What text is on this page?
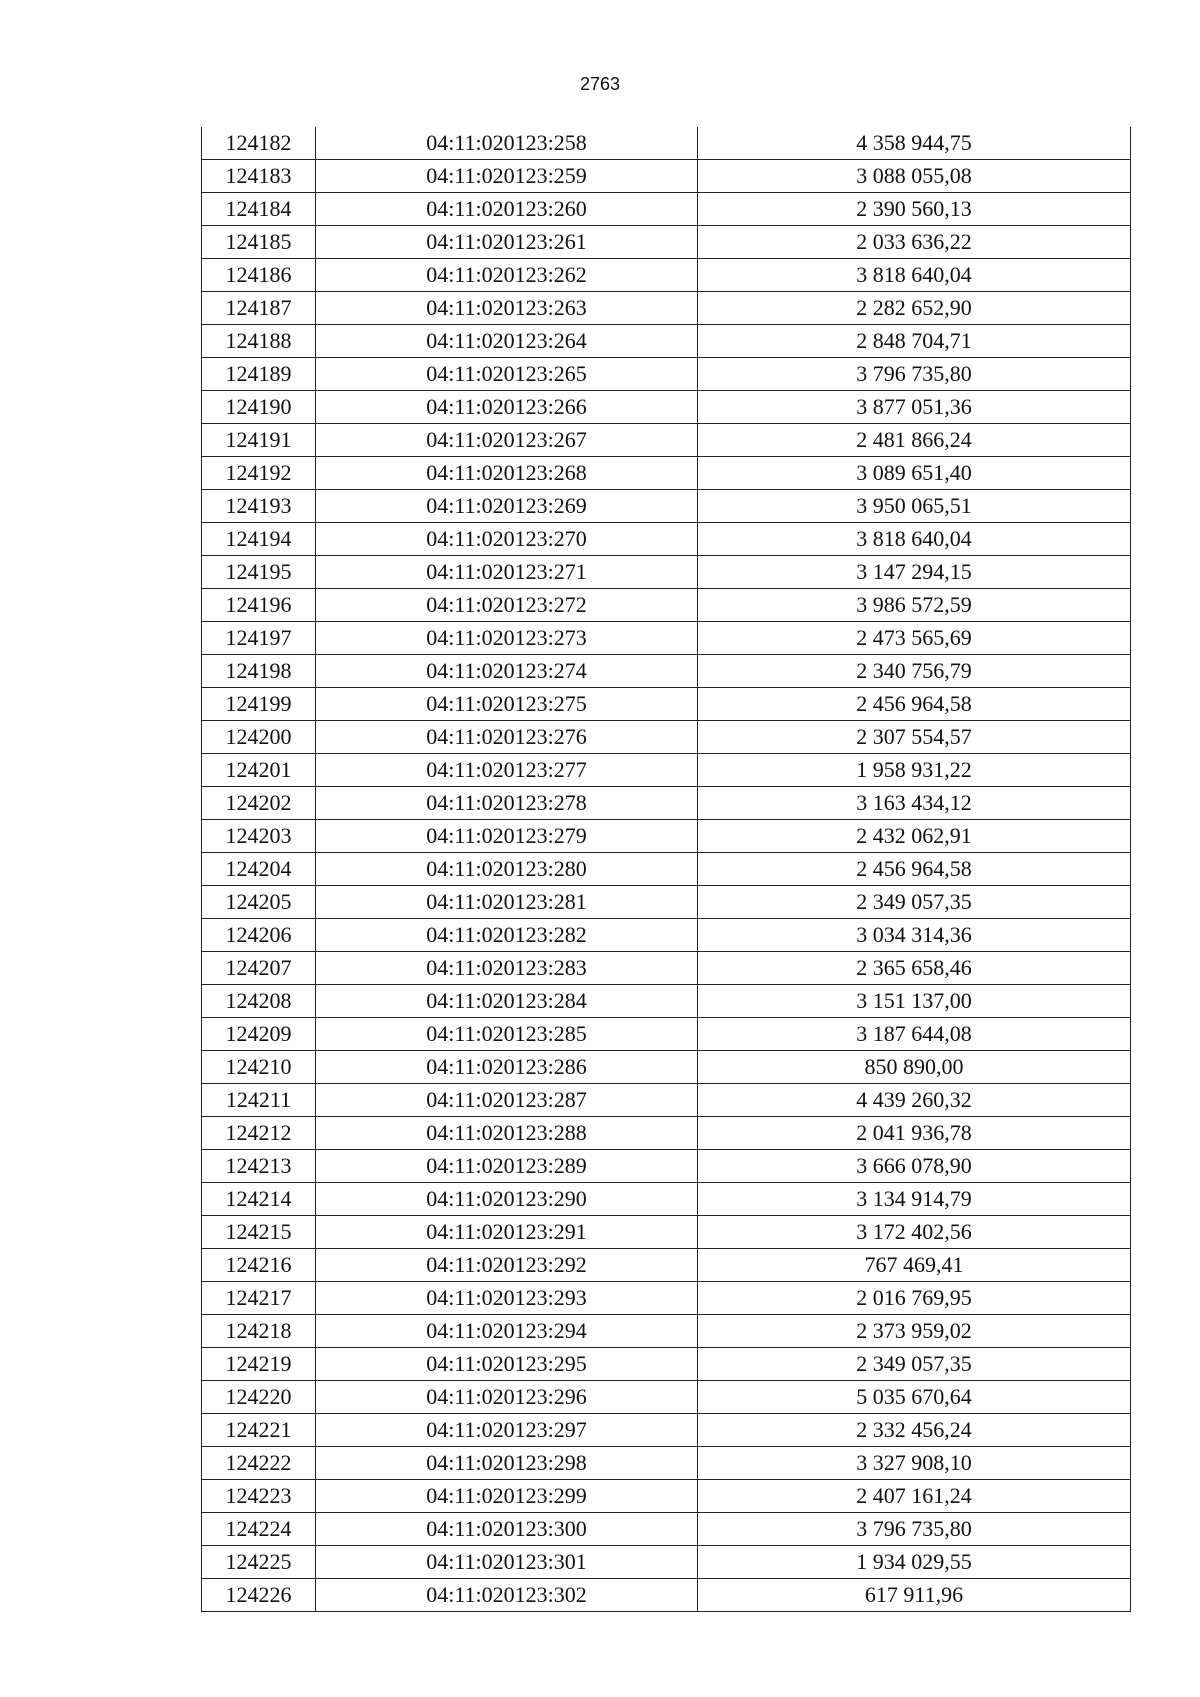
2763
124182	04:11:020123:258	4 358 944,75
124183	04:11:020123:259	3 088 055,08
124184	04:11:020123:260	2 390 560,13
124185	04:11:020123:261	2 033 636,22
124186	04:11:020123:262	3 818 640,04
124187	04:11:020123:263	2 282 652,90
124188	04:11:020123:264	2 848 704,71
124189	04:11:020123:265	3 796 735,80
124190	04:11:020123:266	3 877 051,36
124191	04:11:020123:267	2 481 866,24
124192	04:11:020123:268	3 089 651,40
124193	04:11:020123:269	3 950 065,51
124194	04:11:020123:270	3 818 640,04
124195	04:11:020123:271	3 147 294,15
124196	04:11:020123:272	3 986 572,59
124197	04:11:020123:273	2 473 565,69
124198	04:11:020123:274	2 340 756,79
124199	04:11:020123:275	2 456 964,58
124200	04:11:020123:276	2 307 554,57
124201	04:11:020123:277	1 958 931,22
124202	04:11:020123:278	3 163 434,12
124203	04:11:020123:279	2 432 062,91
124204	04:11:020123:280	2 456 964,58
124205	04:11:020123:281	2 349 057,35
124206	04:11:020123:282	3 034 314,36
124207	04:11:020123:283	2 365 658,46
124208	04:11:020123:284	3 151 137,00
124209	04:11:020123:285	3 187 644,08
124210	04:11:020123:286	850 890,00
124211	04:11:020123:287	4 439 260,32
124212	04:11:020123:288	2 041 936,78
124213	04:11:020123:289	3 666 078,90
124214	04:11:020123:290	3 134 914,79
124215	04:11:020123:291	3 172 402,56
124216	04:11:020123:292	767 469,41
124217	04:11:020123:293	2 016 769,95
124218	04:11:020123:294	2 373 959,02
124219	04:11:020123:295	2 349 057,35
124220	04:11:020123:296	5 035 670,64
124221	04:11:020123:297	2 332 456,24
124222	04:11:020123:298	3 327 908,10
124223	04:11:020123:299	2 407 161,24
124224	04:11:020123:300	3 796 735,80
124225	04:11:020123:301	1 934 029,55
124226	04:11:020123:302	617 911,96
